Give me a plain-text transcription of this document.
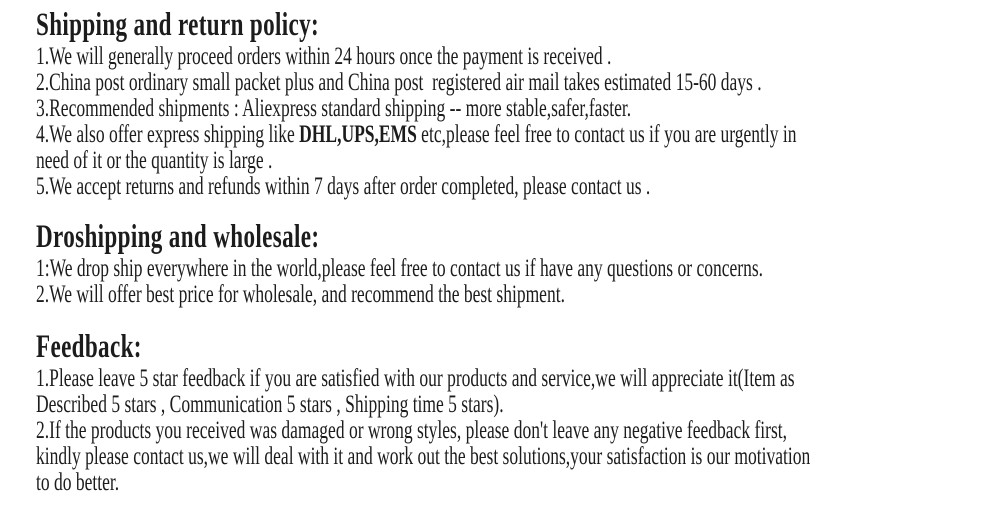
Shipping and return policy:
1.We will generally proceed orders within 24 hours once the payment is received .
2.China post ordinary small packet plus and China post  registered air mail takes estimated 15-60 days .
3.Recommended shipments : Aliexpress standard shipping -- more stable,safer,faster.
4.We also offer express shipping like DHL,UPS,EMS etc,please feel free to contact us if you are urgently in
need of it or the quantity is large .
5.We accept returns and refunds within 7 days after order completed, please contact us .
Droshipping and wholesale:
1:We drop ship everywhere in the world,please feel free to contact us if have any questions or concerns.
2.We will offer best price for wholesale, and recommend the best shipment.
Feedback:
1.Please leave 5 star feedback if you are satisfied with our products and service,we will appreciate it(Item as
Described 5 stars , Communication 5 stars , Shipping time 5 stars).
2.If the products you received was damaged or wrong styles, please don't leave any negative feedback first,
kindly please contact us,we will deal with it and work out the best solutions,your satisfaction is our motivation
to do better.
